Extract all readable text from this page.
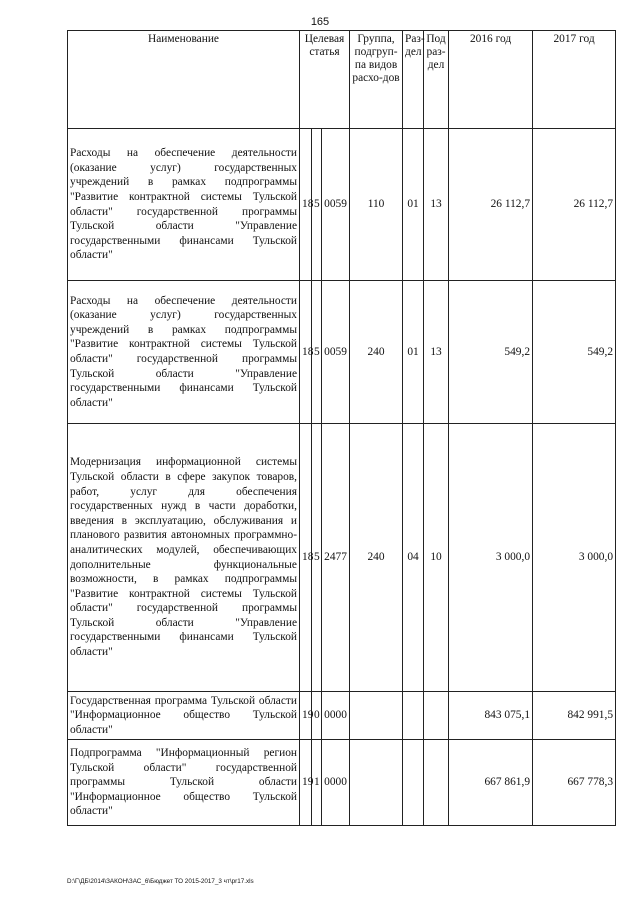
165
Наименование	Целевая статья			Группа, подгруп-па видов расхо-дов	Раз-дел	Под раз-дел	2016 год	2017 год
Расходы на обеспечение деятельности (оказание услуг) государственных учреждений в рамках подпрограммы "Развитие контрактной системы Тульской области" государственной программы Тульской области "Управление государственными финансами Тульской области"	18	5	0059	110	01	13	26 112,7	26 112,7
Расходы на обеспечение деятельности (оказание услуг) государственных учреждений в рамках подпрограммы "Развитие контрактной системы Тульской области" государственной программы Тульской области "Управление государственными финансами Тульской области"	18	5	0059	240	01	13	549,2	549,2
Модернизация информационной системы Тульской области в сфере закупок товаров, работ, услуг для обеспечения государственных нужд в части доработки, введения в эксплуатацию, обслуживания и планового развития автономных программно-аналитических модулей, обеспечивающих дополнительные функциональные возможности, в рамках подпрограммы "Развитие контрактной системы Тульской области" государственной программы Тульской области "Управление государственными финансами Тульской области"	18	5	2477	240	04	10	3 000,0	3 000,0
Государственная программа Тульской области "Информационное общество Тульской области"	19	0	0000				843 075,1	842 991,5
Подпрограмма "Информационный регион Тульской области" государственной программы Тульской области "Информационное общество Тульской области"	19	1	0000				667 861,9	667 778,3
D:\Г\ДБ\2014\ЗАКОН\ЗАС_6\Бюджет ТО 2015-2017_3 чт\pr17.xls
